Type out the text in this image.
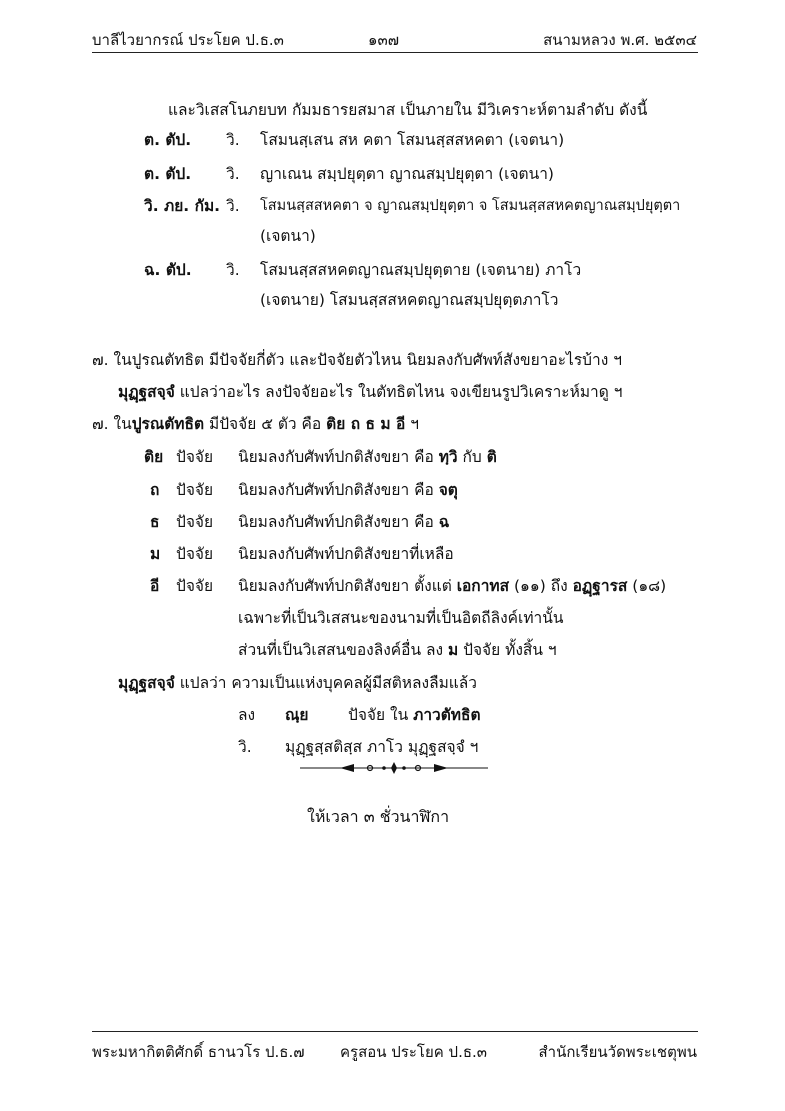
บาลีไวยากรณ์ ประโยค ป.ธ.๓	๑๓๗	สนามหลวง พ.ศ. ๒๕๓๔
และวิเสสโนภยบท กัมมธารยสมาส เป็นภายใน มีวิเคราะห์ตามลำดับ ดังนี้
ต. ตัป. วิ. โสมนสฺเสน สห คตา โสมนสฺสสหคตา (เจตนา)
ต. ตัป. วิ. ญาเณน สมฺปยุตฺตา ญาณสมฺปยุตฺตา (เจตนา)
วิ. ภย. กัม. วิ. โสมนสฺสสหคตา จ ญาณสมฺปยุตฺตา จ โสมนสฺสสหคตญาณสมฺปยุตฺตา
(เจตนา)
ฉ. ตัป. วิ. โสมนสฺสสหคตญาณสมฺปยุตฺตาย (เจตนาย) ภาโว
(เจตนาย) โสมนสฺสสหคตญาณสมฺปยุตฺตภาโว
๗. ในปูรณตัทธิต มีปัจจัยกี่ตัว และปัจจัยตัวไหน นิยมลงกับศัพท์สังขยาอะไรบ้าง ฯ
มุฏฺฐสจฺจํ แปลว่าอะไร ลงปัจจัยอะไร ในตัทธิตไหน จงเขียนรูปวิเคราะห์มาดู ฯ
๗. ในปูรณตัทธิต มีปัจจัย ๕ ตัว คือ ติย ถ ธ ม อี ฯ
ติย ปัจจัย นิยมลงกับศัพท์ปกติสังขยา คือ ทฺวิ กับ ติ
ถ ปัจจัย นิยมลงกับศัพท์ปกติสังขยา คือ จตุ
ธ ปัจจัย นิยมลงกับศัพท์ปกติสังขยา คือ ฉ
ม ปัจจัย นิยมลงกับศัพท์ปกติสังขยาที่เหลือ
อี ปัจจัย นิยมลงกับศัพท์ปกติสังขยา ตั้งแต่ เอกาทส (๑๑) ถึง อฏฺฐารส (๑๘)
เฉพาะที่เป็นวิเสสนะของนามที่เป็นอิตถีลิงค์เท่านั้น
ส่วนที่เป็นวิเสสนของลิงค์อื่น ลง ม ปัจจัย ทั้งสิ้น ฯ
มุฏฺฐสจฺจํ แปลว่า ความเป็นแห่งบุคคลผู้มีสติหลงลืมแล้ว
ลง ณฺย	ปัจจัย ใน ภาวตัทธิต
วิ. มุฏฺฐสฺสติสฺส ภาโว มุฏฺฐสจฺจํ ฯ
ให้เวลา ๓ ชั่วนาฬิกา
พระมหากิตติศักดิ์ ธานวโร ป.ธ.๗ ครูสอน ประโยค ป.ธ.๓	สำนักเรียนวัดพระเชตุพน
